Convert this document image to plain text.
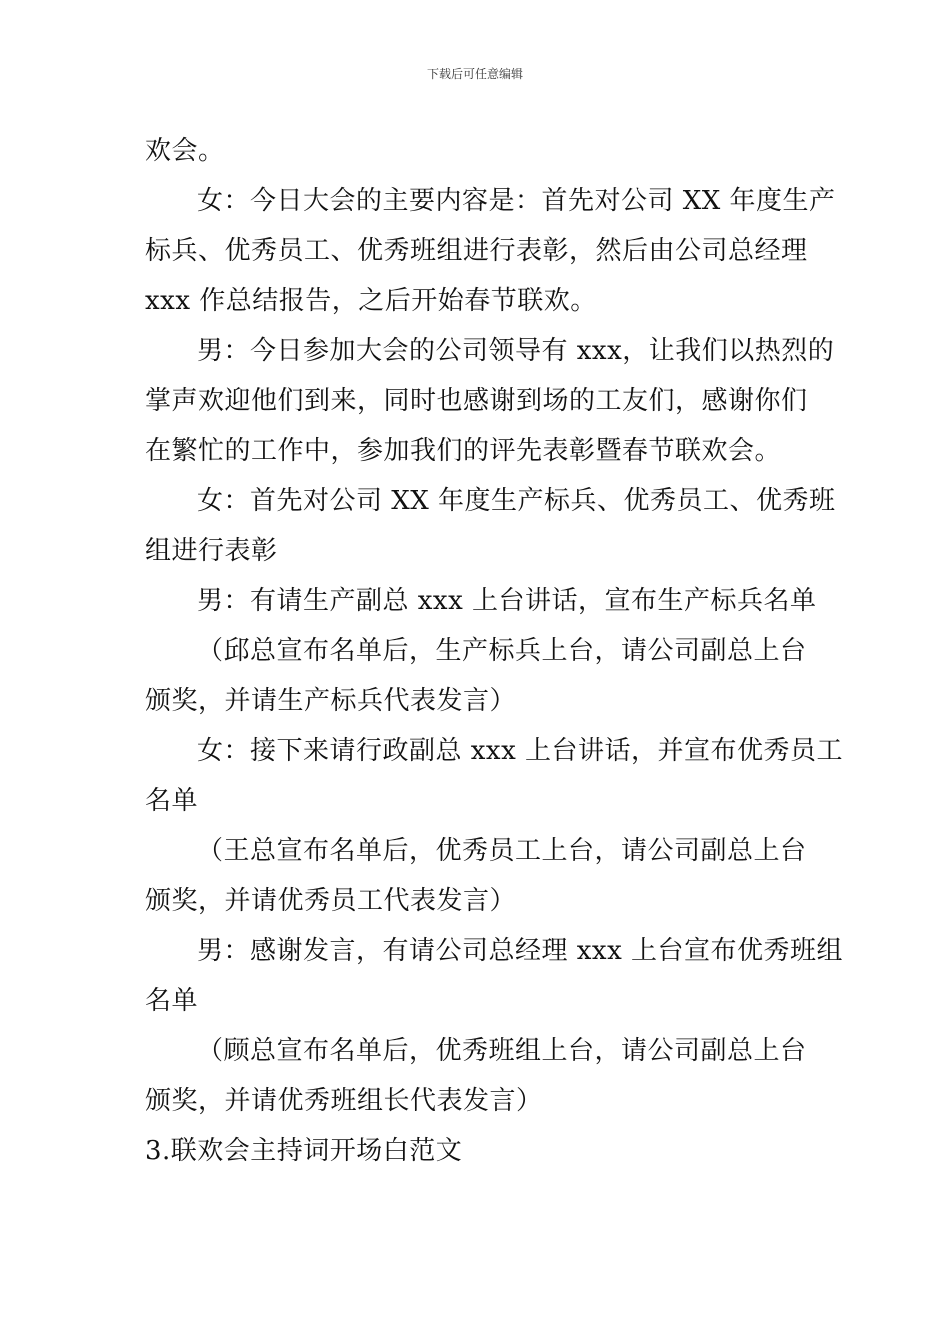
下载后可任意编辑

欢会。

女：今日大会的主要内容是：首先对公司 XX 年度生产
标兵、优秀员工、优秀班组进行表彰，然后由公司总经理
xxx 作总结报告，之后开始春节联欢。

男：今日参加大会的公司领导有 xxx，让我们以热烈的
掌声欢迎他们到来，同时也感谢到场的工友们，感谢你们
在繁忙的工作中，参加我们的评先表彰暨春节联欢会。

女：首先对公司 XX 年度生产标兵、优秀员工、优秀班
组进行表彰

男：有请生产副总 xxx 上台讲话，宣布生产标兵名单

（邱总宣布名单后，生产标兵上台，请公司副总上台
颁奖，并请生产标兵代表发言）

女：接下来请行政副总 xxx 上台讲话，并宣布优秀员工
名单

（王总宣布名单后，优秀员工上台，请公司副总上台
颁奖，并请优秀员工代表发言）

男：感谢发言，有请公司总经理 xxx 上台宣布优秀班组
名单

（顾总宣布名单后，优秀班组上台，请公司副总上台
颁奖，并请优秀班组长代表发言）

3.联欢会主持词开场白范文
